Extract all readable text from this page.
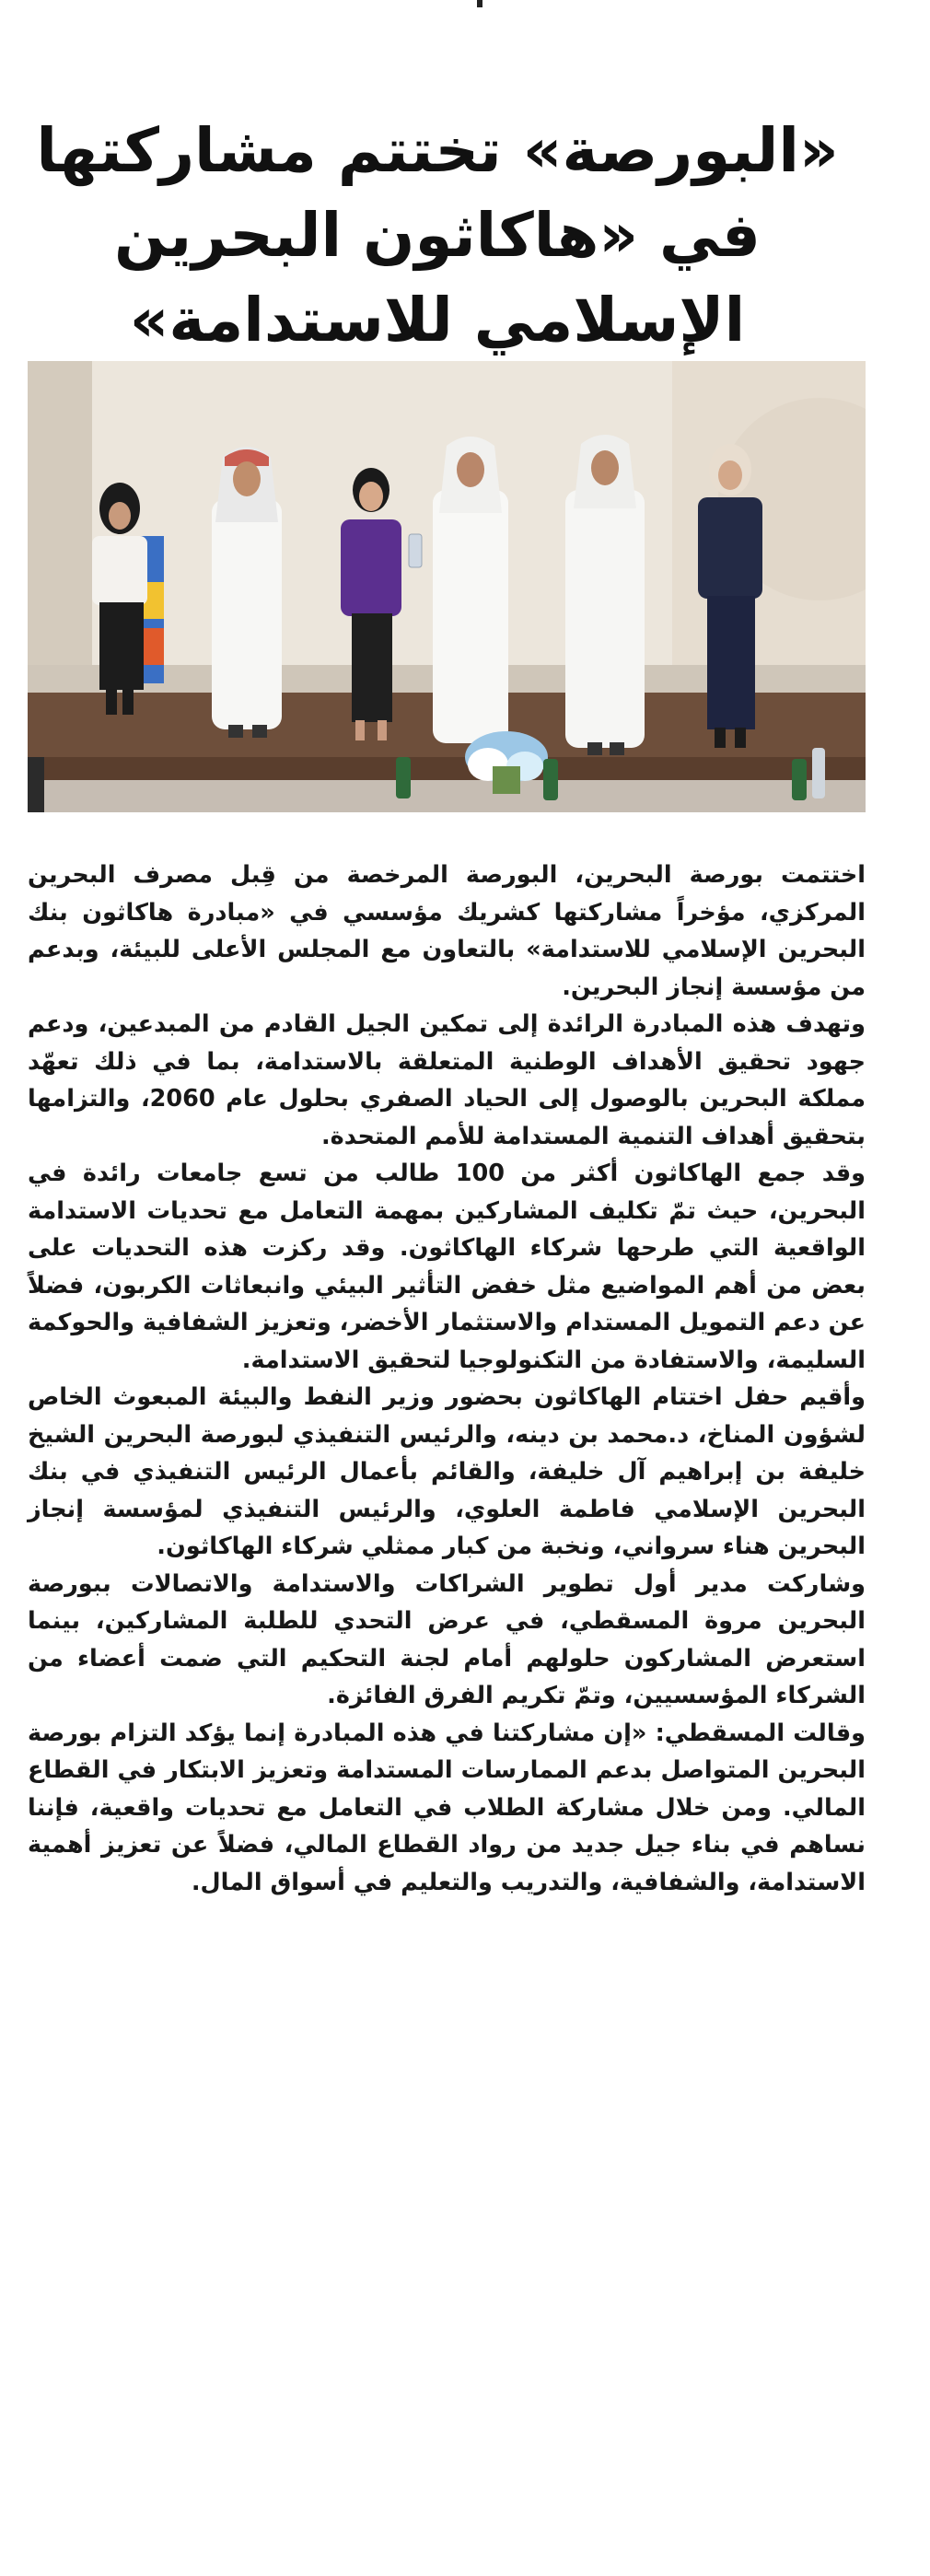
«البورصة» تختتم مشاركتها
في «هاكاثون البحرين
الإسلامي للاستدامة»

اختتمت بورصة البحرين، البورصة المرخصة من قِبل مصرف البحرين المركزي، مؤخراً مشاركتها كشريك مؤسسي في «مبادرة هاكاثون بنك البحرين الإسلامي للاستدامة» بالتعاون مع المجلس الأعلى للبيئة، وبدعم من مؤسسة إنجاز البحرين.

وتهدف هذه المبادرة الرائدة إلى تمكين الجيل القادم من المبدعين، ودعم جهود تحقيق الأهداف الوطنية المتعلقة بالاستدامة، بما في ذلك تعهّد مملكة البحرين بالوصول إلى الحياد الصفري بحلول عام 2060، والتزامها بتحقيق أهداف التنمية المستدامة للأمم المتحدة.

وقد جمع الهاكاثون أكثر من 100 طالب من تسع جامعات رائدة في البحرين، حيث تمّ تكليف المشاركين بمهمة التعامل مع تحديات الاستدامة الواقعية التي طرحها شركاء الهاكاثون. وقد ركزت هذه التحديات على بعض من أهم المواضيع مثل خفض التأثير البيئي وانبعاثات الكربون، فضلاً عن دعم التمويل المستدام والاستثمار الأخضر، وتعزيز الشفافية والحوكمة السليمة، والاستفادة من التكنولوجيا لتحقيق الاستدامة.

وأقيم حفل اختتام الهاكاثون بحضور وزير النفط والبيئة المبعوث الخاص لشؤون المناخ، د.محمد بن دينه، والرئيس التنفيذي لبورصة البحرين الشيخ خليفة بن إبراهيم آل خليفة، والقائم بأعمال الرئيس التنفيذي في بنك البحرين الإسلامي فاطمة العلوي، والرئيس التنفيذي لمؤسسة إنجاز البحرين هناء سرواني، ونخبة من كبار ممثلي شركاء الهاكاثون.

وشاركت مدير أول تطوير الشراكات والاستدامة والاتصالات ببورصة البحرين مروة المسقطي، في عرض التحدي للطلبة المشاركين، بينما استعرض المشاركون حلولهم أمام لجنة التحكيم التي ضمت أعضاء من الشركاء المؤسسيين، وتمّ تكريم الفرق الفائزة.

وقالت المسقطي: «إن مشاركتنا في هذه المبادرة إنما يؤكد التزام بورصة البحرين المتواصل بدعم الممارسات المستدامة وتعزيز الابتكار في القطاع المالي. ومن خلال مشاركة الطلاب في التعامل مع تحديات واقعية، فإننا نساهم في بناء جيل جديد من رواد القطاع المالي، فضلاً عن تعزيز أهمية الاستدامة، والشفافية، والتدريب والتعليم في أسواق المال.
